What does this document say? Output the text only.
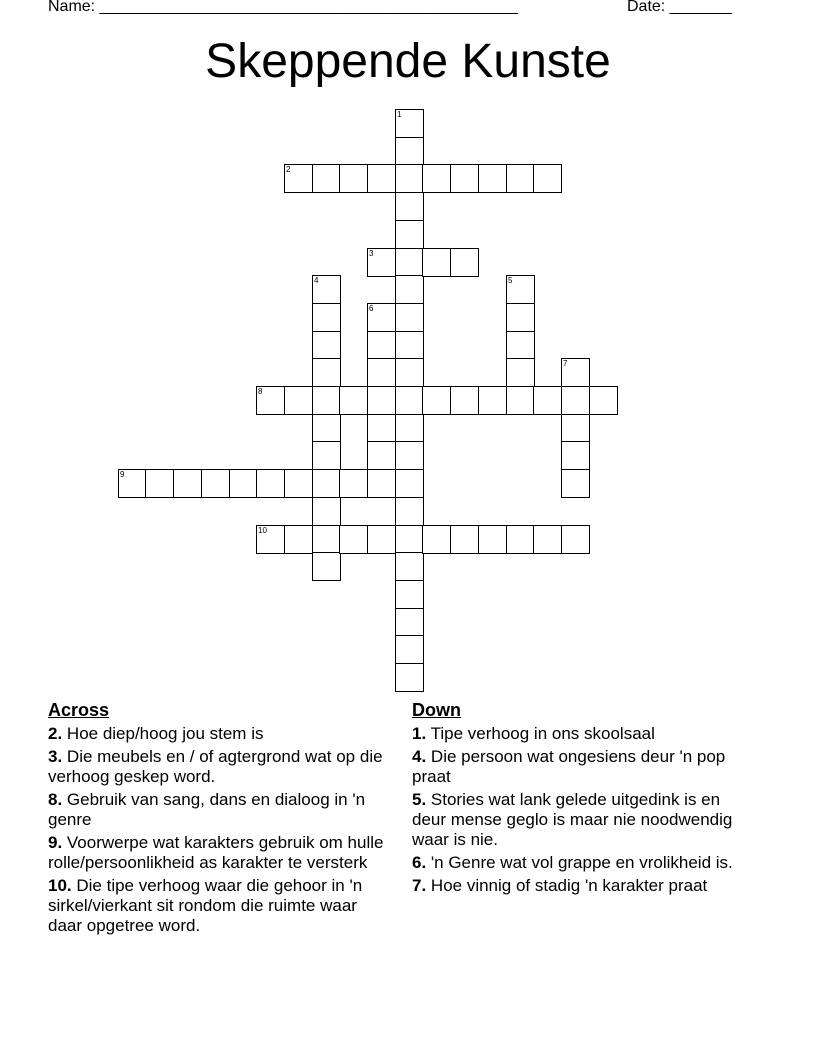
Name: _______________________________________________	Date: _______
Skeppende Kunste
1
2
3
4	5
6
7
8
9
10
Across
2. Hoe diep/hoog jou stem is
3. Die meubels en / of agtergrond wat op die verhoog geskep word.
8. Gebruik van sang, dans en dialoog in 'n genre
9. Voorwerpe wat karakters gebruik om hulle rolle/persoonlikheid as karakter te versterk
10. Die tipe verhoog waar die gehoor in 'n sirkel/vierkant sit rondom die ruimte waar daar opgetree word.
Down
1. Tipe verhoog in ons skoolsaal
4. Die persoon wat ongesiens deur 'n pop praat
5. Stories wat lank gelede uitgedink is en deur mense geglo is maar nie noodwendig waar is nie.
6. 'n Genre wat vol grappe en vrolikheid is.
7. Hoe vinnig of stadig 'n karakter praat
